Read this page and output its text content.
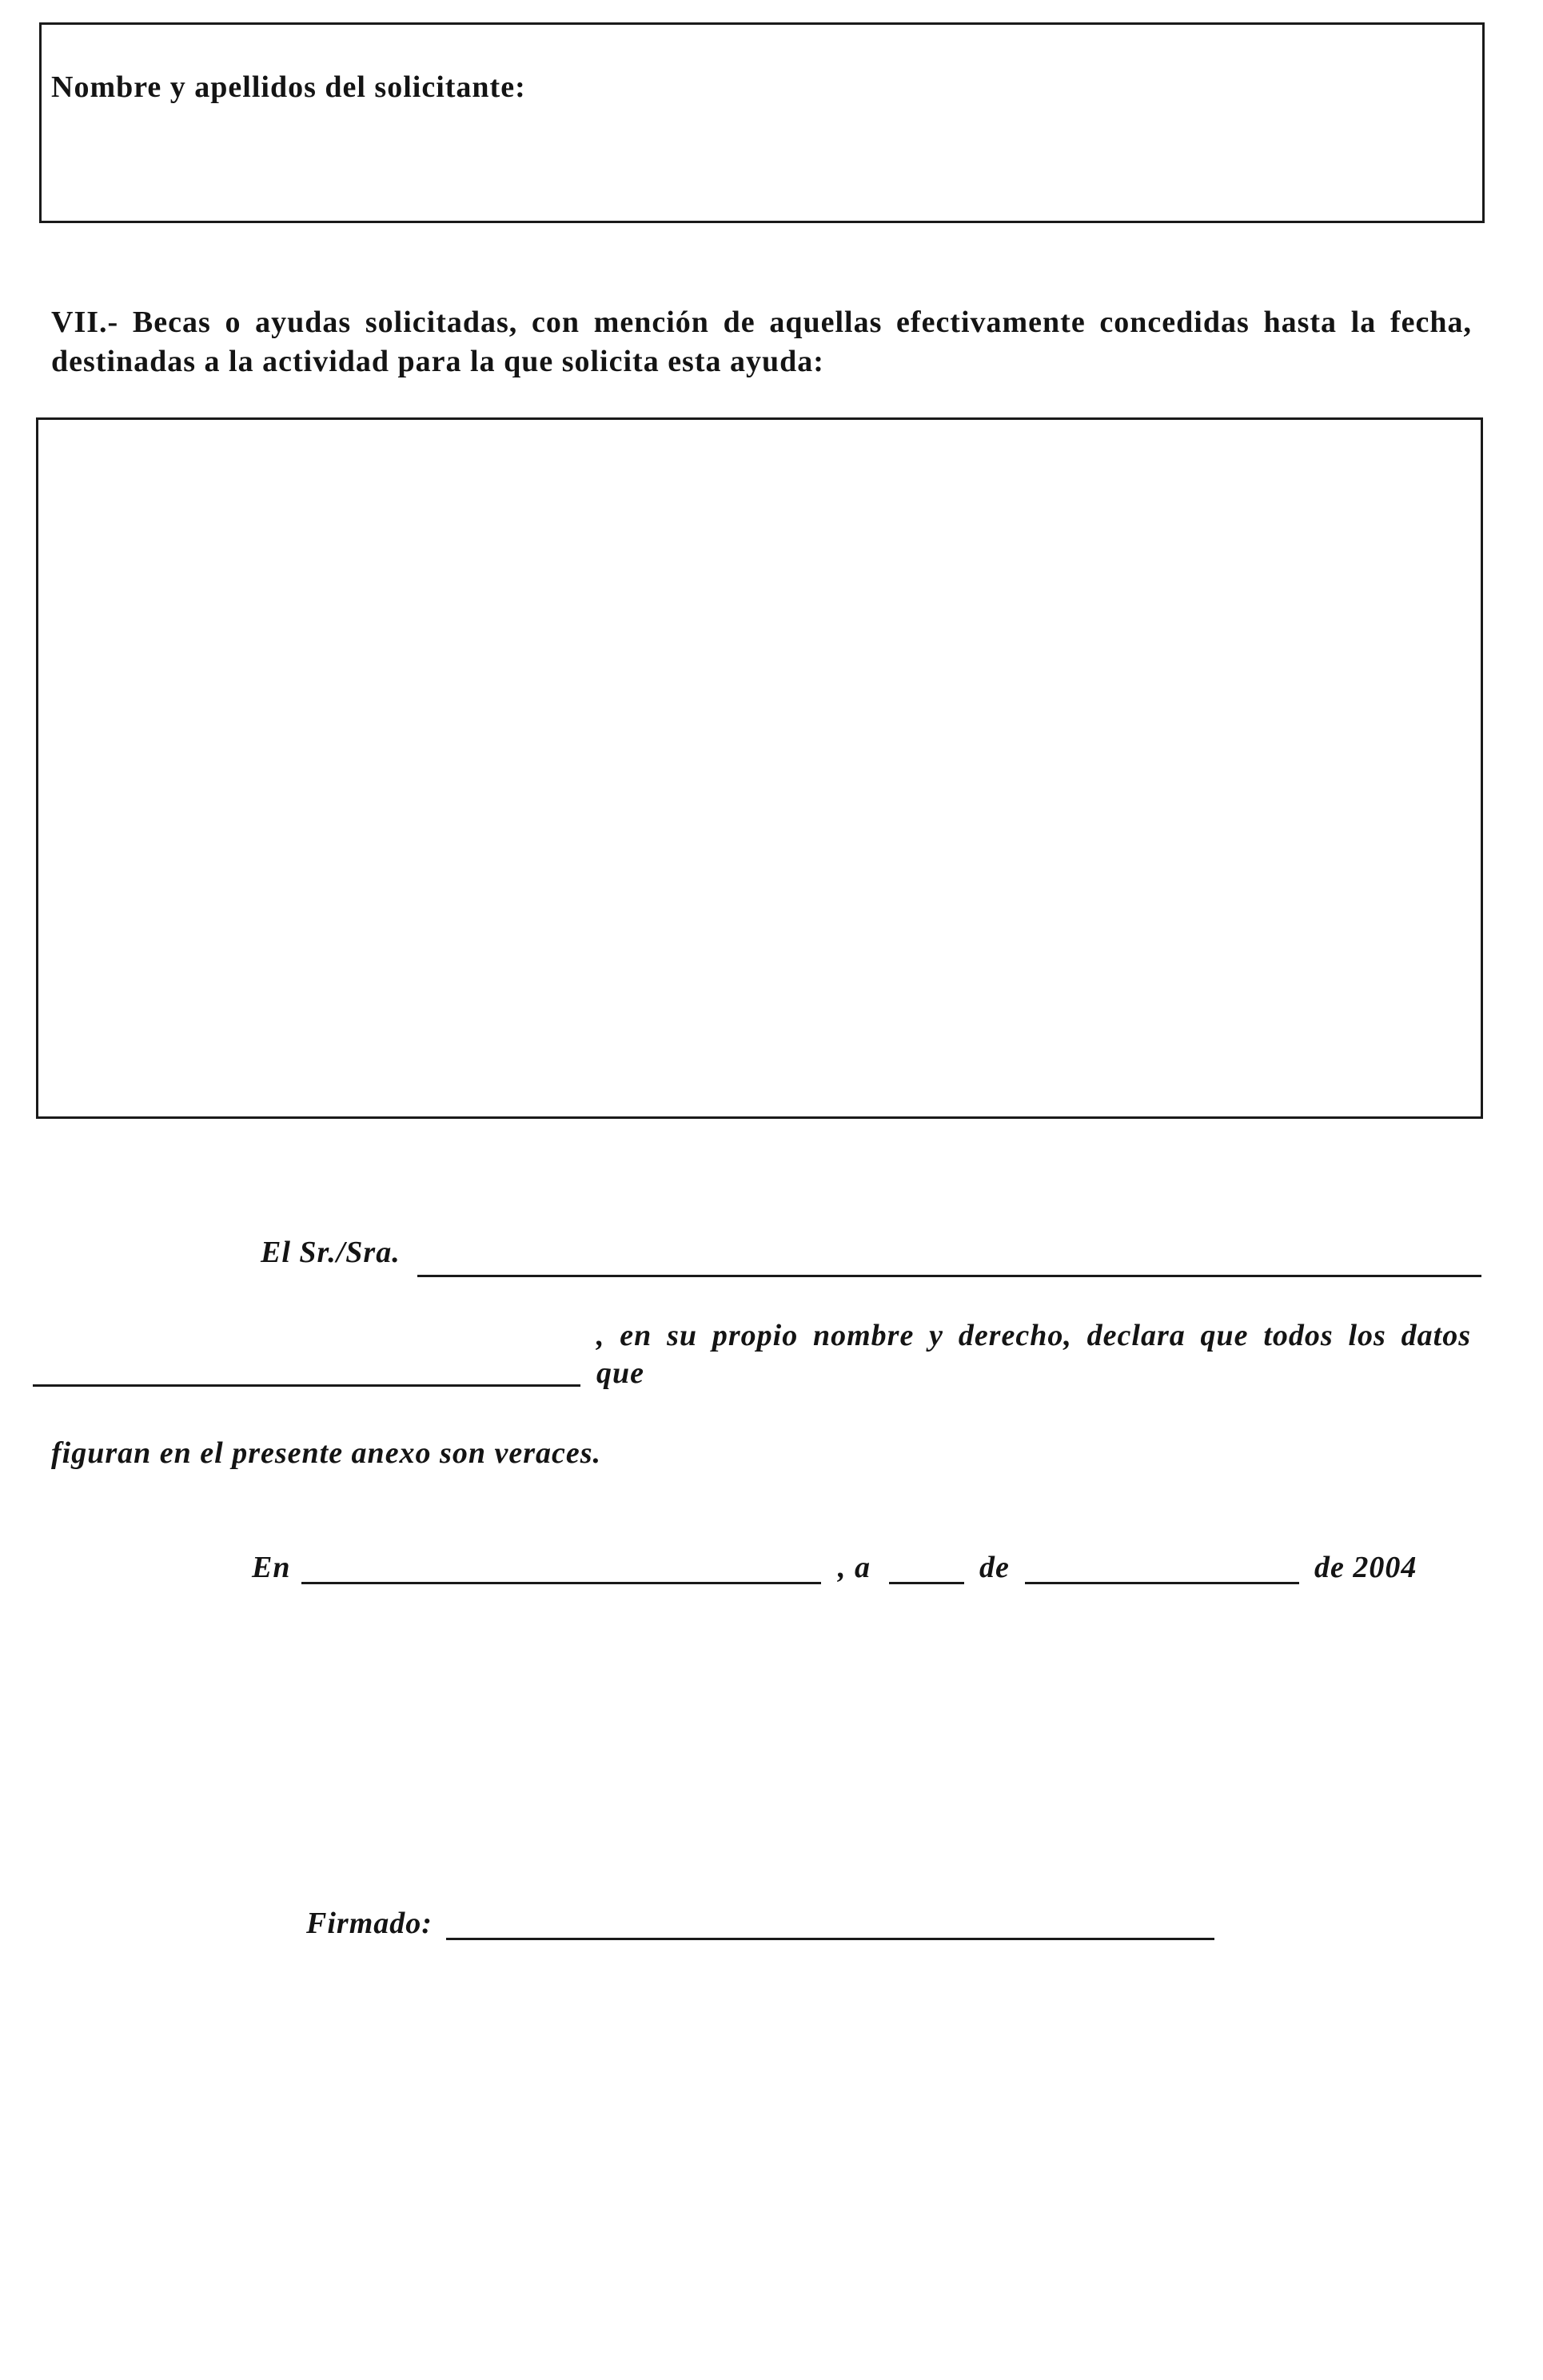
Nombre y apellidos del solicitante:
VII.- Becas o ayudas solicitadas, con mención de aquellas efectivamente concedidas hasta la fecha,
destinadas a la actividad para la que solicita esta ayuda:
El Sr./Sra.
, en su propio nombre y derecho, declara que todos los datos
que
figuran en el presente anexo son veraces.
En	, a	de	de 2004
Firmado:
